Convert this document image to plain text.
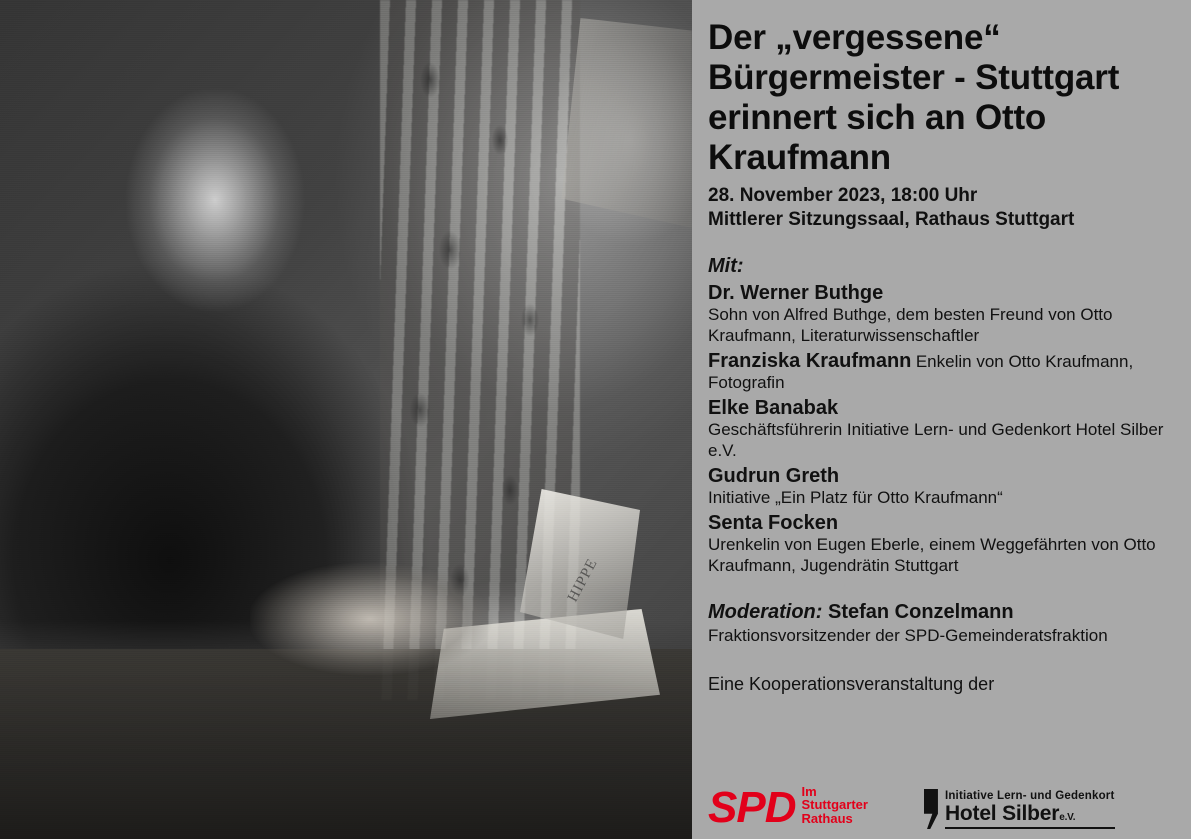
Der „vergessene“ Bürgermeister - Stuttgart erinnert sich an Otto Kraufmann
28. November 2023, 18:00 Uhr
Mittlerer Sitzungssaal, Rathaus Stuttgart
Mit:
Dr. Werner Buthge
Sohn von Alfred Buthge, dem besten Freund von Otto Kraufmann, Literaturwissenschaftler
Franziska Kraufmann Enkelin von Otto Kraufmann, Fotografin
Elke Banabak
Geschäftsführerin Initiative Lern- und Gedenkort Hotel Silber e.V.
Gudrun Greth
Initiative „Ein Platz für Otto Kraufmann“
Senta Focken
Urenkelin von Eugen Eberle, einem Weggefährten von Otto Kraufmann, Jugendrätin Stuttgart
Moderation: Stefan Conzelmann
Fraktionsvorsitzender der SPD-Gemeinderatsfraktion
Eine Kooperationsveranstaltung der
SPD Im
Stuttgarter
Rathaus
Initiative Lern- und Gedenkort
Hotel Silbere.V.
